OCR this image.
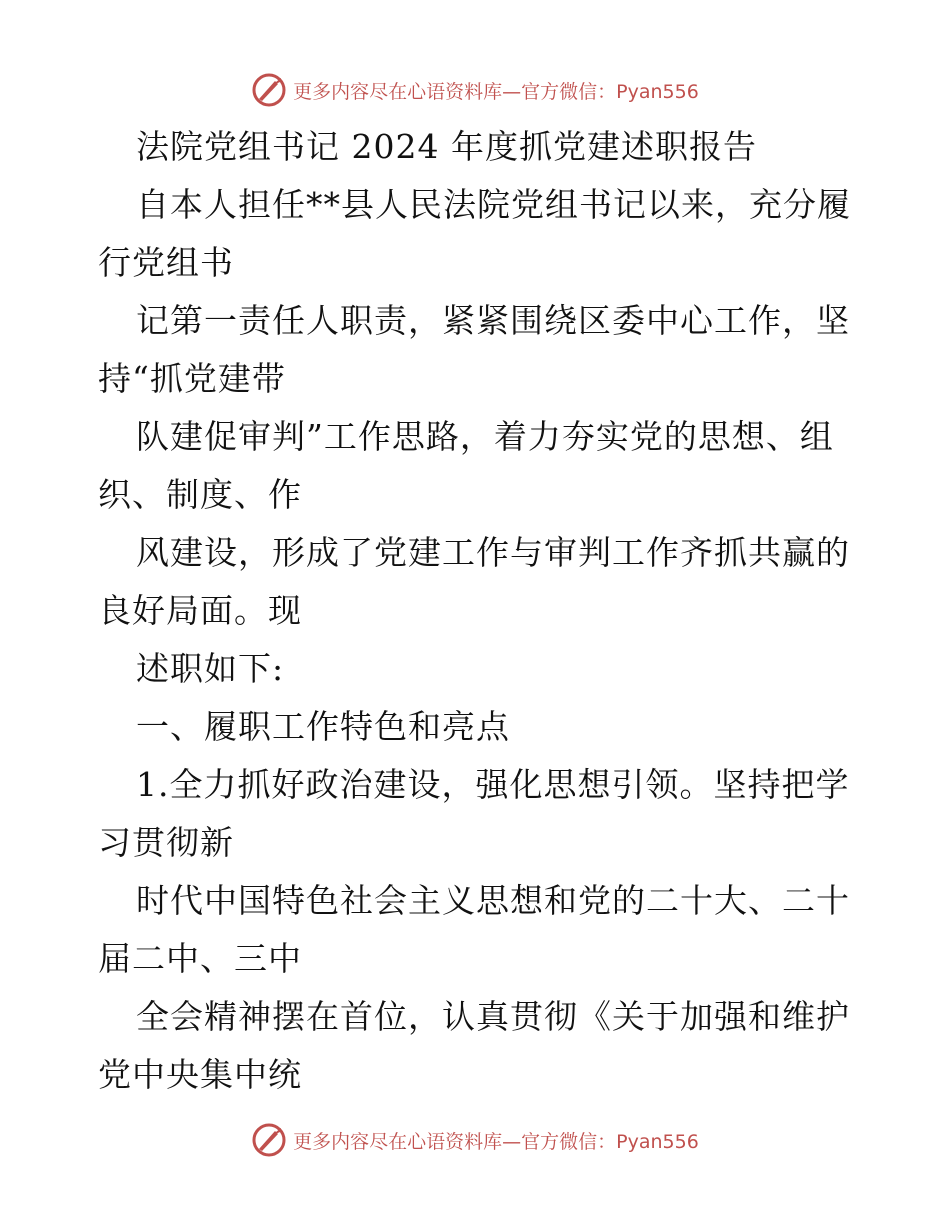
更多内容尽在心语资料库—官方微信：Pyan556
法院党组书记 2024 年度抓党建述职报告
自本人担任**县人民法院党组书记以来，充分履
行党组书
记第一责任人职责，紧紧围绕区委中心工作，坚
持“抓党建带
队建促审判”工作思路，着力夯实党的思想、组
织、制度、作
风建设，形成了党建工作与审判工作齐抓共赢的
良好局面。现
述职如下:
一、履职工作特色和亮点
1.全力抓好政治建设，强化思想引领。坚持把学
习贯彻新
时代中国特色社会主义思想和党的二十大、二十
届二中、三中
全会精神摆在首位，认真贯彻《关于加强和维护
党中央集中统
更多内容尽在心语资料库—官方微信：Pyan556
